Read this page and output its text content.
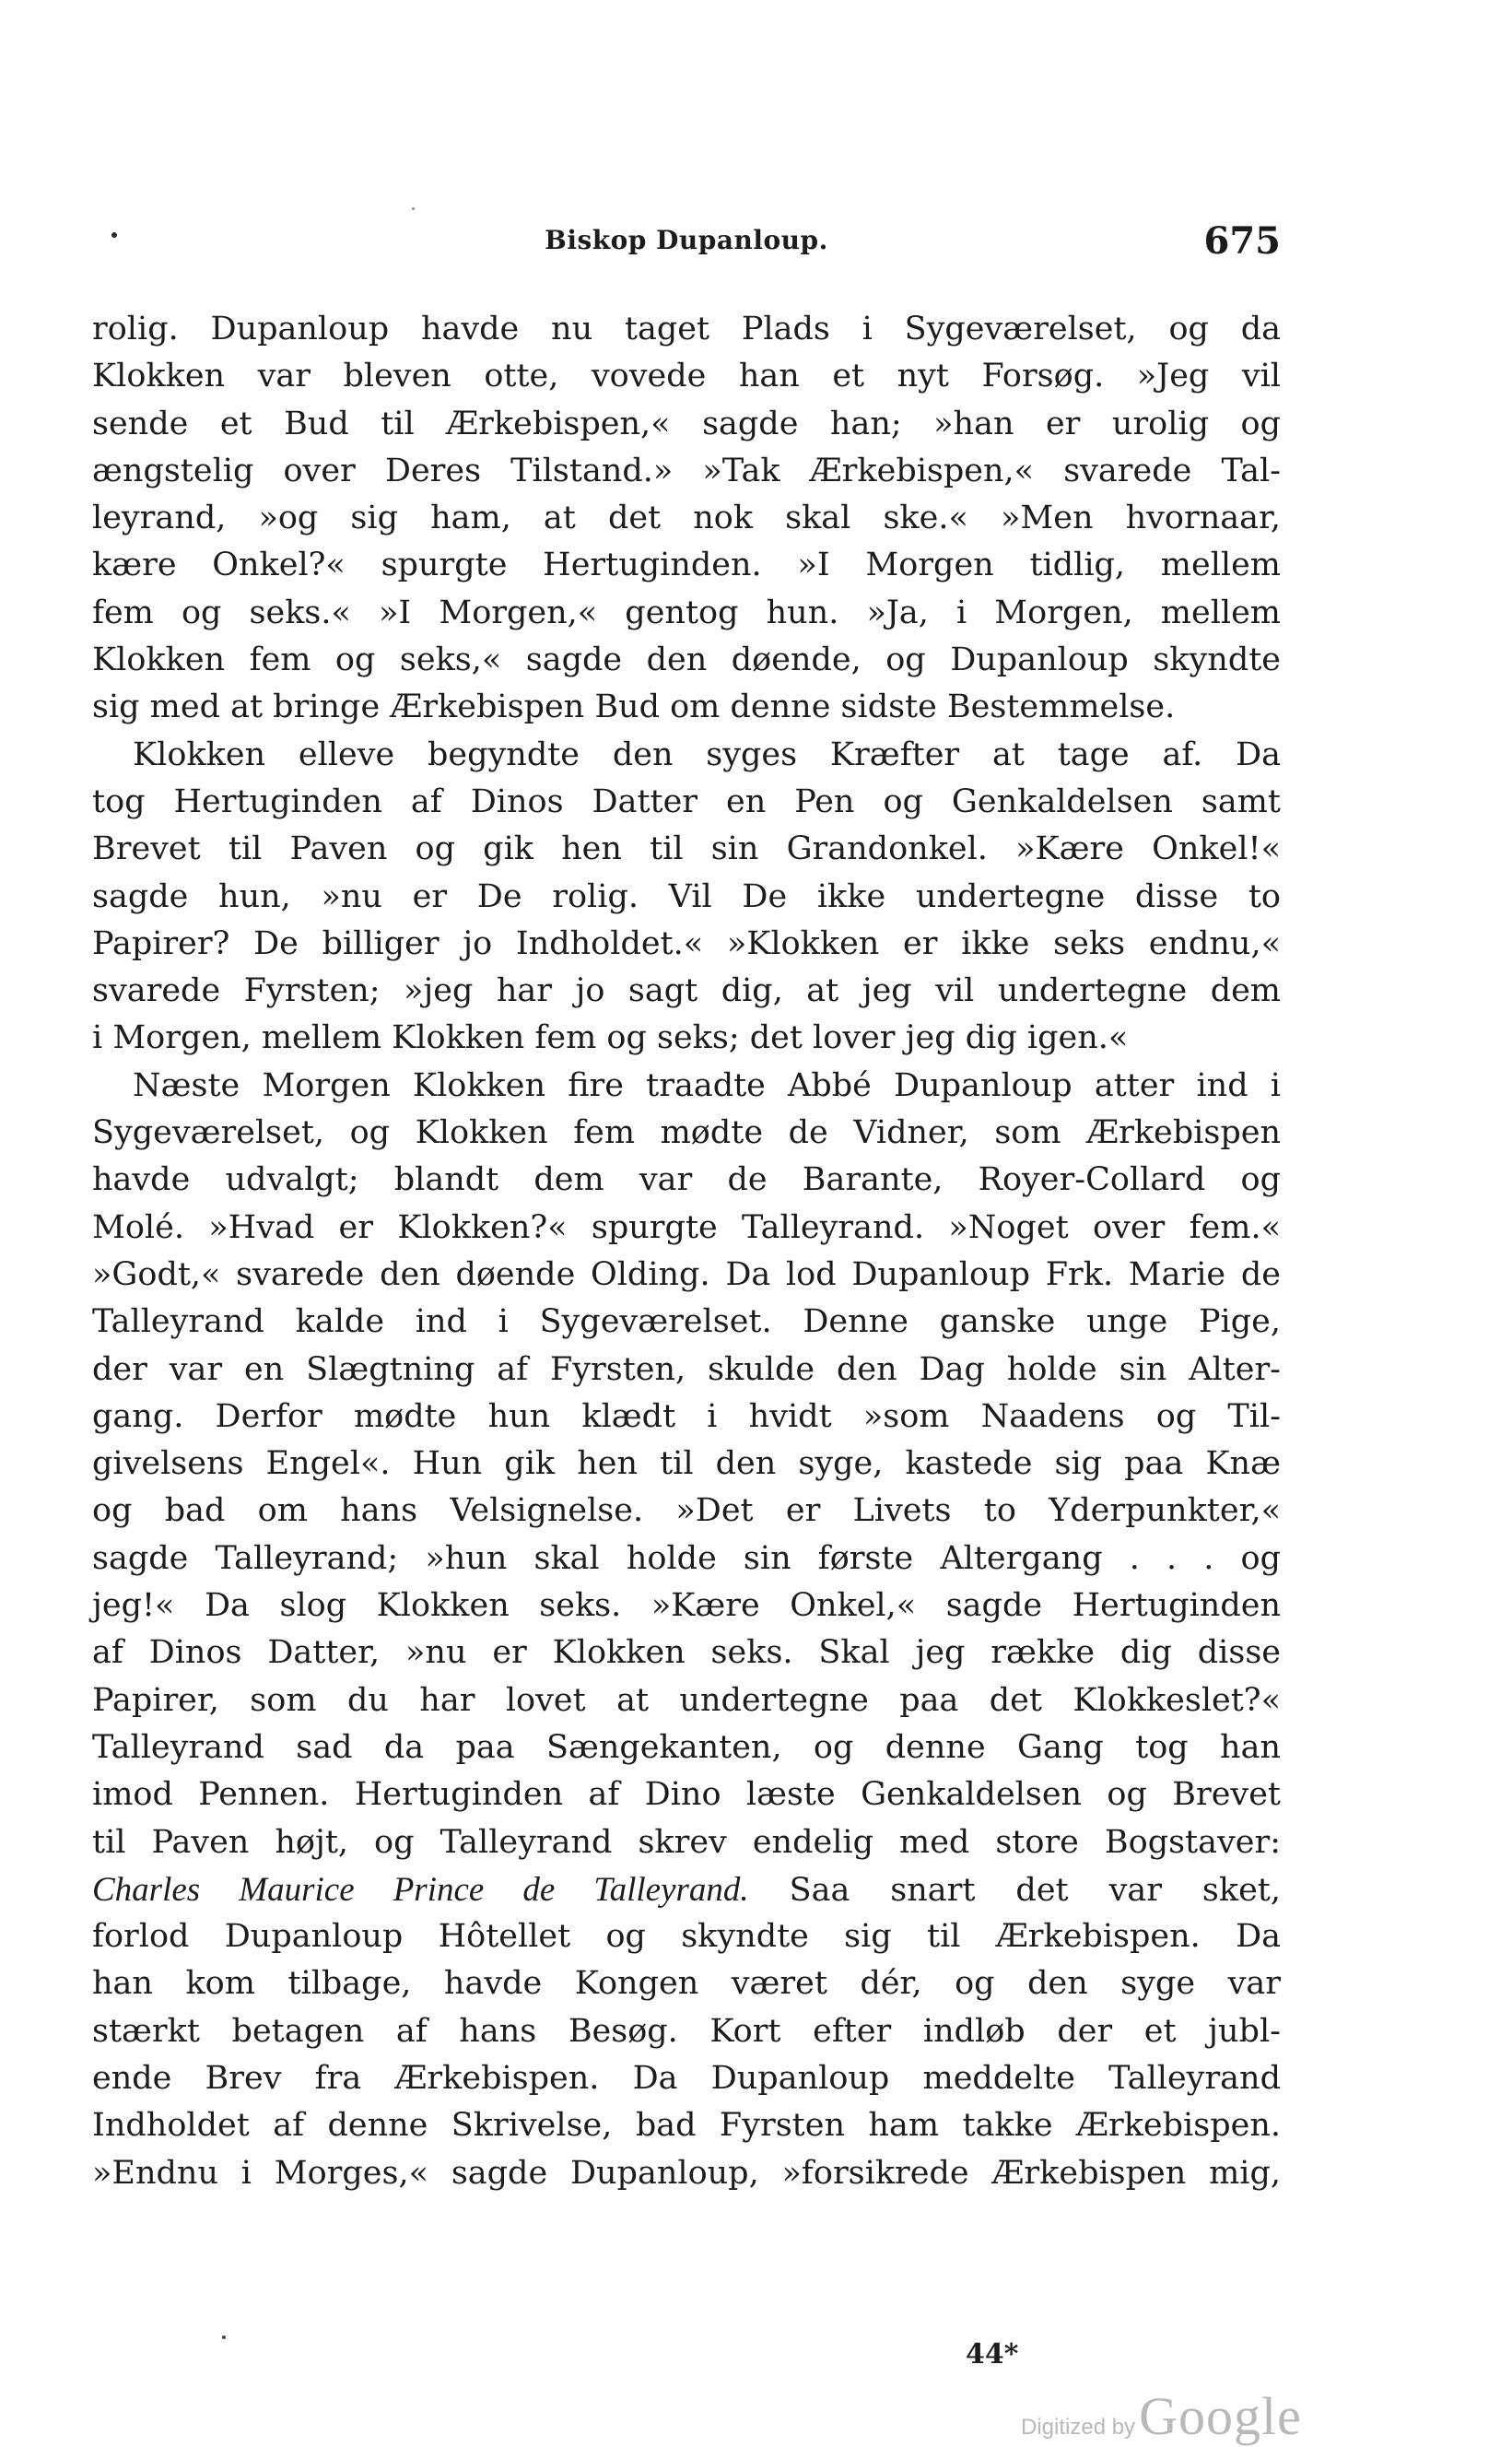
Biskop Dupanloup.	675
rolig. Dupanloup havde nu taget Plads i Sygeværelset, og da
Klokken var bleven otte, vovede han et nyt Forsøg. »Jeg vil
sende et Bud til Ærkebispen,« sagde han; »han er urolig og
ængstelig over Deres Tilstand.» »Tak Ærkebispen,« svarede Tal-
leyrand, »og sig ham, at det nok skal ske.« »Men hvornaar,
kære Onkel?« spurgte Hertuginden. »I Morgen tidlig, mellem
fem og seks.« »I Morgen,« gentog hun. »Ja, i Morgen, mellem
Klokken fem og seks,« sagde den døende, og Dupanloup skyndte
sig med at bringe Ærkebispen Bud om denne sidste Bestemmelse.
Klokken elleve begyndte den syges Kræfter at tage af. Da
tog Hertuginden af Dinos Datter en Pen og Genkaldelsen samt
Brevet til Paven og gik hen til sin Grandonkel. »Kære Onkel!«
sagde hun, »nu er De rolig. Vil De ikke undertegne disse to
Papirer? De billiger jo Indholdet.« »Klokken er ikke seks endnu,«
svarede Fyrsten; »jeg har jo sagt dig, at jeg vil undertegne dem
i Morgen, mellem Klokken fem og seks; det lover jeg dig igen.«
Næste Morgen Klokken fire traadte Abbé Dupanloup atter ind i
Sygeværelset, og Klokken fem mødte de Vidner, som Ærkebispen
havde udvalgt; blandt dem var de Barante, Royer-Collard og
Molé. »Hvad er Klokken?« spurgte Talleyrand. »Noget over fem.«
»Godt,« svarede den døende Olding. Da lod Dupanloup Frk. Marie de
Talleyrand kalde ind i Sygeværelset. Denne ganske unge Pige,
der var en Slægtning af Fyrsten, skulde den Dag holde sin Alter-
gang. Derfor mødte hun klædt i hvidt »som Naadens og Til-
givelsens Engel«. Hun gik hen til den syge, kastede sig paa Knæ
og bad om hans Velsignelse. »Det er Livets to Yderpunkter,«
sagde Talleyrand; »hun skal holde sin første Altergang . . . og
jeg!« Da slog Klokken seks. »Kære Onkel,« sagde Hertuginden
af Dinos Datter, »nu er Klokken seks. Skal jeg række dig disse
Papirer, som du har lovet at undertegne paa det Klokkeslet?«
Talleyrand sad da paa Sængekanten, og denne Gang tog han
imod Pennen. Hertuginden af Dino læste Genkaldelsen og Brevet
til Paven højt, og Talleyrand skrev endelig med store Bogstaver:
Charles Maurice Prince de Talleyrand. Saa snart det var sket,
forlod Dupanloup Hôtellet og skyndte sig til Ærkebispen. Da
han kom tilbage, havde Kongen været dér, og den syge var
stærkt betagen af hans Besøg. Kort efter indløb der et jubl-
ende Brev fra Ærkebispen. Da Dupanloup meddelte Talleyrand
Indholdet af denne Skrivelse, bad Fyrsten ham takke Ærkebispen.
»Endnu i Morges,« sagde Dupanloup, »forsikrede Ærkebispen mig,
44*
Digitized byGoogle
